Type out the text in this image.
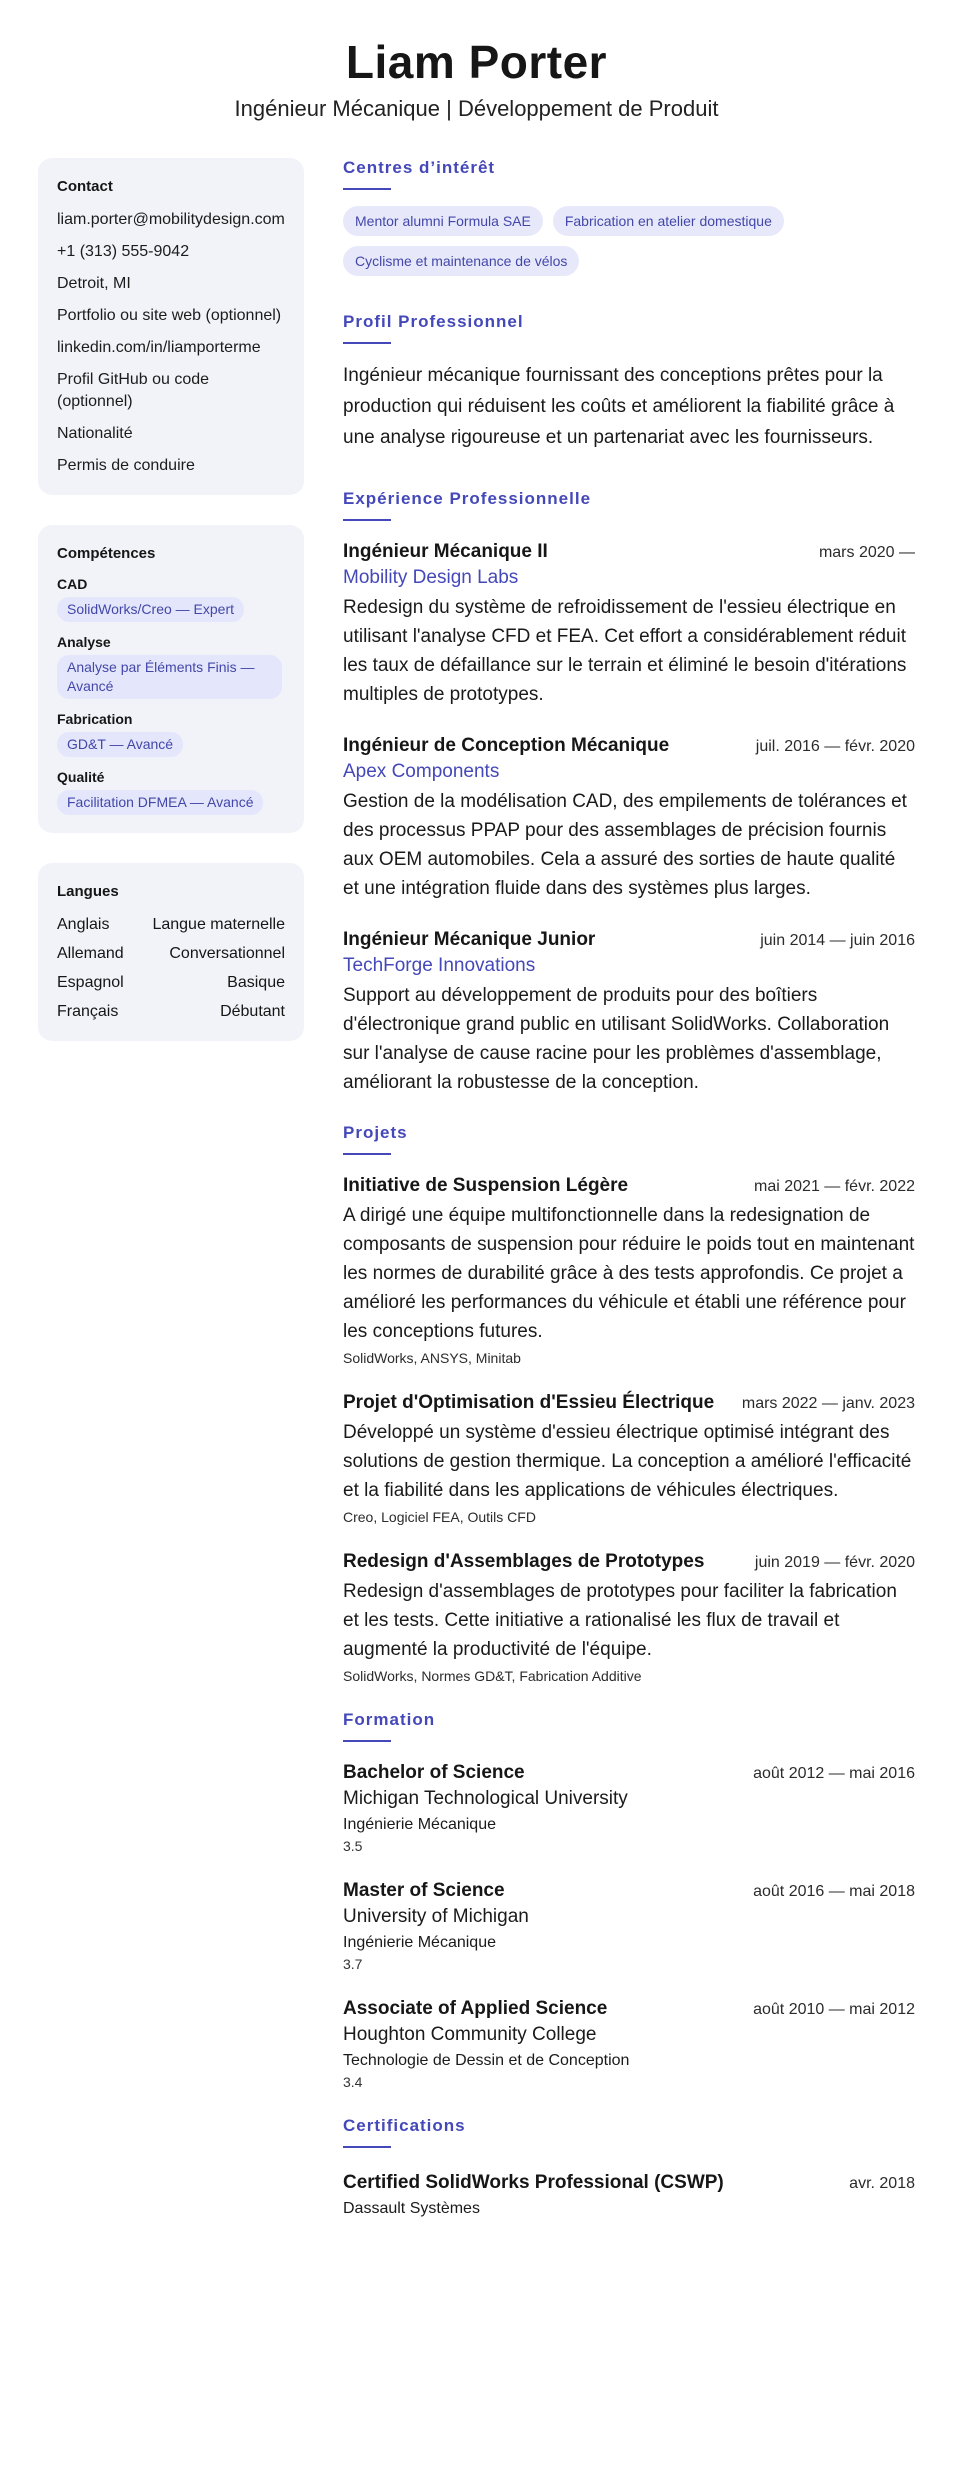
Liam Porter
Ingénieur Mécanique | Développement de Produit
Contact
liam.porter@mobilitydesign.com
+1 (313) 555-9042
Detroit, MI
Portfolio ou site web (optionnel)
linkedin.com/in/liamporterme
Profil GitHub ou code (optionnel)
Nationalité
Permis de conduire
Compétences
CAD
SolidWorks/Creo — Expert
Analyse
Analyse par Éléments Finis — Avancé
Fabrication
GD&T — Avancé
Qualité
Facilitation DFMEA — Avancé
Langues
Anglais	Langue maternelle
Allemand	Conversationnel
Espagnol	Basique
Français	Débutant
Centres d’intérêt
Mentor alumni Formula SAE	Fabrication en atelier domestique
Cyclisme et maintenance de vélos
Profil Professionnel
Ingénieur mécanique fournissant des conceptions prêtes pour la production qui réduisent les coûts et améliorent la fiabilité grâce à une analyse rigoureuse et un partenariat avec les fournisseurs.
Expérience Professionnelle
Ingénieur Mécanique II	mars 2020 —
Mobility Design Labs
Redesign du système de refroidissement de l'essieu électrique en utilisant l'analyse CFD et FEA. Cet effort a considérablement réduit les taux de défaillance sur le terrain et éliminé le besoin d'itérations multiples de prototypes.
Ingénieur de Conception Mécanique	juil. 2016 — févr. 2020
Apex Components
Gestion de la modélisation CAD, des empilements de tolérances et des processus PPAP pour des assemblages de précision fournis aux OEM automobiles. Cela a assuré des sorties de haute qualité et une intégration fluide dans des systèmes plus larges.
Ingénieur Mécanique Junior	juin 2014 — juin 2016
TechForge Innovations
Support au développement de produits pour des boîtiers d'électronique grand public en utilisant SolidWorks. Collaboration sur l'analyse de cause racine pour les problèmes d'assemblage, améliorant la robustesse de la conception.
Projets
Initiative de Suspension Légère	mai 2021 — févr. 2022
A dirigé une équipe multifonctionnelle dans la redesignation de composants de suspension pour réduire le poids tout en maintenant les normes de durabilité grâce à des tests approfondis. Ce projet a amélioré les performances du véhicule et établi une référence pour les conceptions futures.
SolidWorks, ANSYS, Minitab
Projet d'Optimisation d'Essieu Électrique mars 2022 — janv. 2023
Développé un système d'essieu électrique optimisé intégrant des solutions de gestion thermique. La conception a amélioré l'efficacité et la fiabilité dans les applications de véhicules électriques.
Creo, Logiciel FEA, Outils CFD
Redesign d'Assemblages de Prototypes	juin 2019 — févr. 2020
Redesign d'assemblages de prototypes pour faciliter la fabrication et les tests. Cette initiative a rationalisé les flux de travail et augmenté la productivité de l'équipe.
SolidWorks, Normes GD&T, Fabrication Additive
Formation
Bachelor of Science	août 2012 — mai 2016
Michigan Technological University
Ingénierie Mécanique
3.5
Master of Science	août 2016 — mai 2018
University of Michigan
Ingénierie Mécanique
3.7
Associate of Applied Science	août 2010 — mai 2012
Houghton Community College
Technologie de Dessin et de Conception
3.4
Certifications
Certified SolidWorks Professional (CSWP)	avr. 2018
Dassault Systèmes
